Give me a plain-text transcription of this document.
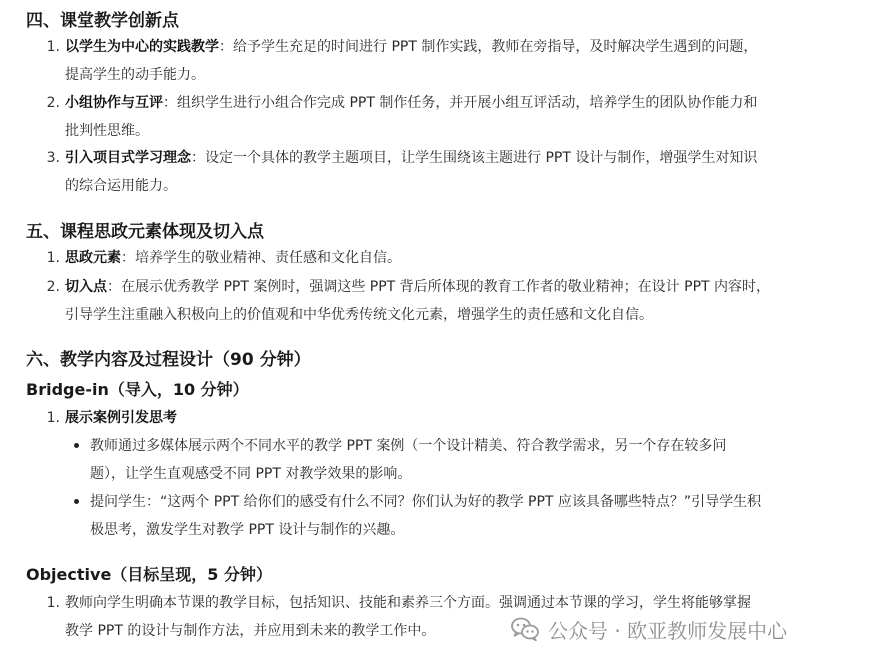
四、课堂教学创新点
1. 以学生为中心的实践教学：给予学生充足的时间进行 PPT 制作实践，教师在旁指导，及时解决学生遇到的问题，
提高学生的动手能力。
2. 小组协作与互评：组织学生进行小组合作完成 PPT 制作任务，并开展小组互评活动，培养学生的团队协作能力和
批判性思维。
3. 引入项目式学习理念：设定一个具体的教学主题项目，让学生围绕该主题进行 PPT 设计与制作，增强学生对知识
的综合运用能力。
五、课程思政元素体现及切入点
1. 思政元素：培养学生的敬业精神、责任感和文化自信。
2. 切入点：在展示优秀教学 PPT 案例时，强调这些 PPT 背后所体现的教育工作者的敬业精神；在设计 PPT 内容时，
引导学生注重融入积极向上的价值观和中华优秀传统文化元素，增强学生的责任感和文化自信。
六、教学内容及过程设计（90 分钟）
Bridge-in（导入，10 分钟）
1. 展示案例引发思考
教师通过多媒体展示两个不同水平的教学 PPT 案例（一个设计精美、符合教学需求，另一个存在较多问
题），让学生直观感受不同 PPT 对教学效果的影响。
提问学生：“这两个 PPT 给你们的感受有什么不同？你们认为好的教学 PPT 应该具备哪些特点？”引导学生积
极思考，激发学生对教学 PPT 设计与制作的兴趣。
Objective（目标呈现，5 分钟）
1. 教师向学生明确本节课的教学目标，包括知识、技能和素养三个方面。强调通过本节课的学习，学生将能够掌握
教学 PPT 的设计与制作方法，并应用到未来的教学工作中。	公众号 · 欧亚教师发展中心
